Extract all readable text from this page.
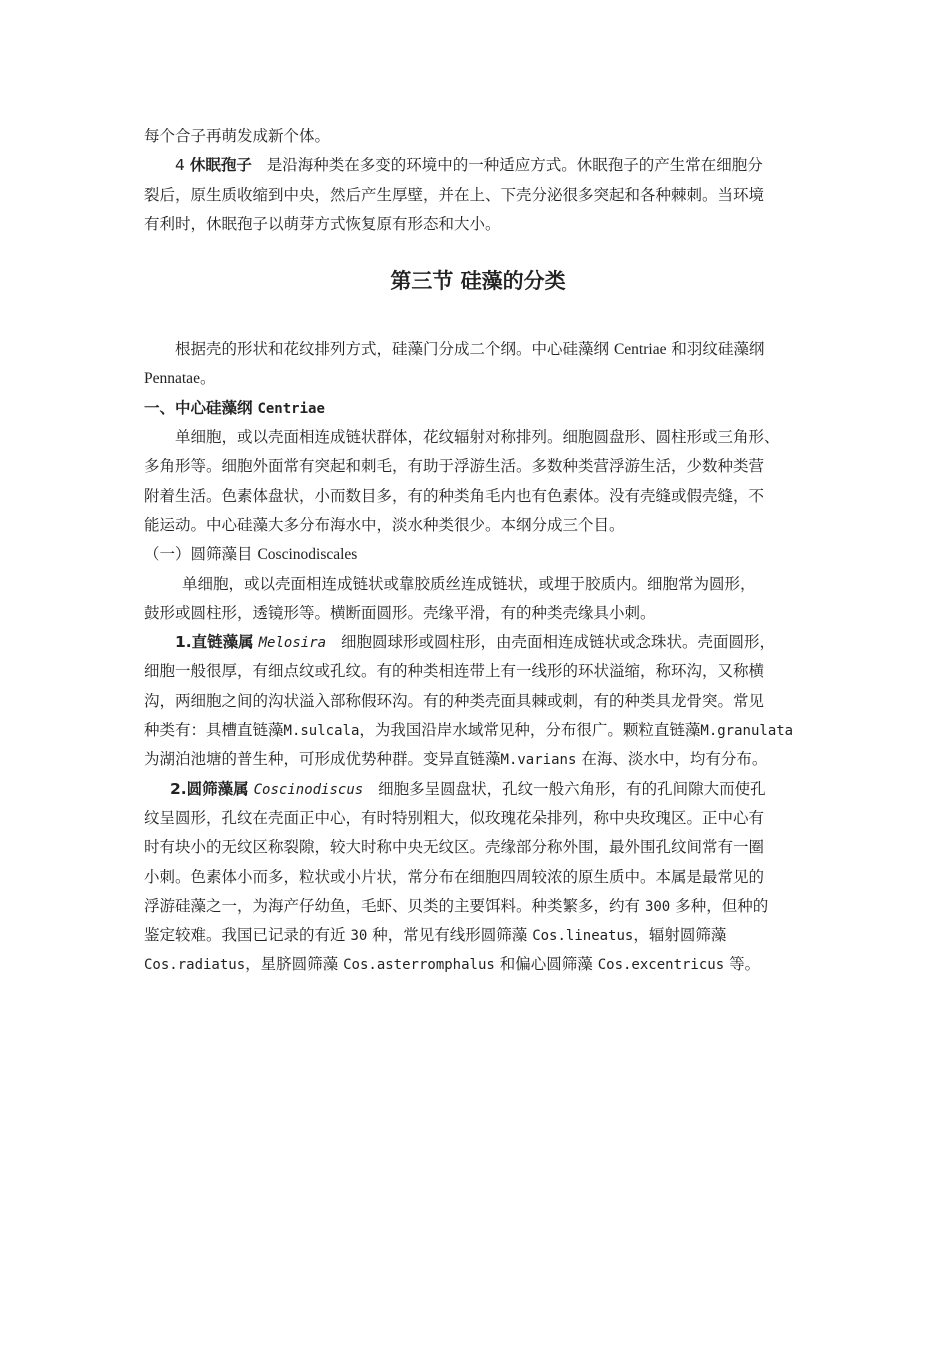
每个合子再萌发成新个体。
4 休眠孢子 是沿海种类在多变的环境中的一种适应方式。休眠孢子的产生常在细胞分
裂后，原生质收缩到中央，然后产生厚壁，并在上、下壳分泌很多突起和各种棘刺。当环境
有利时，休眠孢子以萌芽方式恢复原有形态和大小。
第三节 硅藻的分类
根据壳的形状和花纹排列方式，硅藻门分成二个纲。中心硅藻纲 Centriae 和羽纹硅藻纲
Pennatae。
一、中心硅藻纲 Centriae
单细胞，或以壳面相连成链状群体，花纹辐射对称排列。细胞圆盘形、圆柱形或三角形、
多角形等。细胞外面常有突起和刺毛，有助于浮游生活。多数种类营浮游生活，少数种类营
附着生活。色素体盘状，小而数目多，有的种类角毛内也有色素体。没有壳缝或假壳缝，不
能运动。中心硅藻大多分布海水中，淡水种类很少。本纲分成三个目。
（一）圆筛藻目 Coscinodiscales
单细胞，或以壳面相连成链状或靠胶质丝连成链状，或埋于胶质内。细胞常为圆形，
鼓形或圆柱形，透镜形等。横断面圆形。壳缘平滑，有的种类壳缘具小刺。
1.直链藻属 Melosira 细胞圆球形或圆柱形，由壳面相连成链状或念珠状。壳面圆形，
细胞一般很厚，有细点纹或孔纹。有的种类相连带上有一线形的环状溢缩，称环沟，又称横
沟，两细胞之间的沟状溢入部称假环沟。有的种类壳面具棘或刺，有的种类具龙骨突。常见
种类有：具槽直链藻M.sulcala，为我国沿岸水域常见种，分布很广。颗粒直链藻M.granulata
为湖泊池塘的普生种，可形成优势种群。变异直链藻M.varians 在海、淡水中，均有分布。
2.圆筛藻属 Coscinodiscus 细胞多呈圆盘状，孔纹一般六角形，有的孔间隙大而使孔
纹呈圆形，孔纹在壳面正中心，有时特别粗大，似玫瑰花朵排列，称中央玫瑰区。正中心有
时有块小的无纹区称裂隙，较大时称中央无纹区。壳缘部分称外围，最外围孔纹间常有一圈
小刺。色素体小而多，粒状或小片状，常分布在细胞四周较浓的原生质中。本属是最常见的
浮游硅藻之一，为海产仔幼鱼，毛虾、贝类的主要饵料。种类繁多，约有 300 多种，但种的
鉴定较难。我国已记录的有近 30 种，常见有线形圆筛藻 Cos.lineatus，辐射圆筛藻
Cos.radiatus，星脐圆筛藻 Cos.asterromphalus 和偏心圆筛藻 Cos.excentricus 等。
